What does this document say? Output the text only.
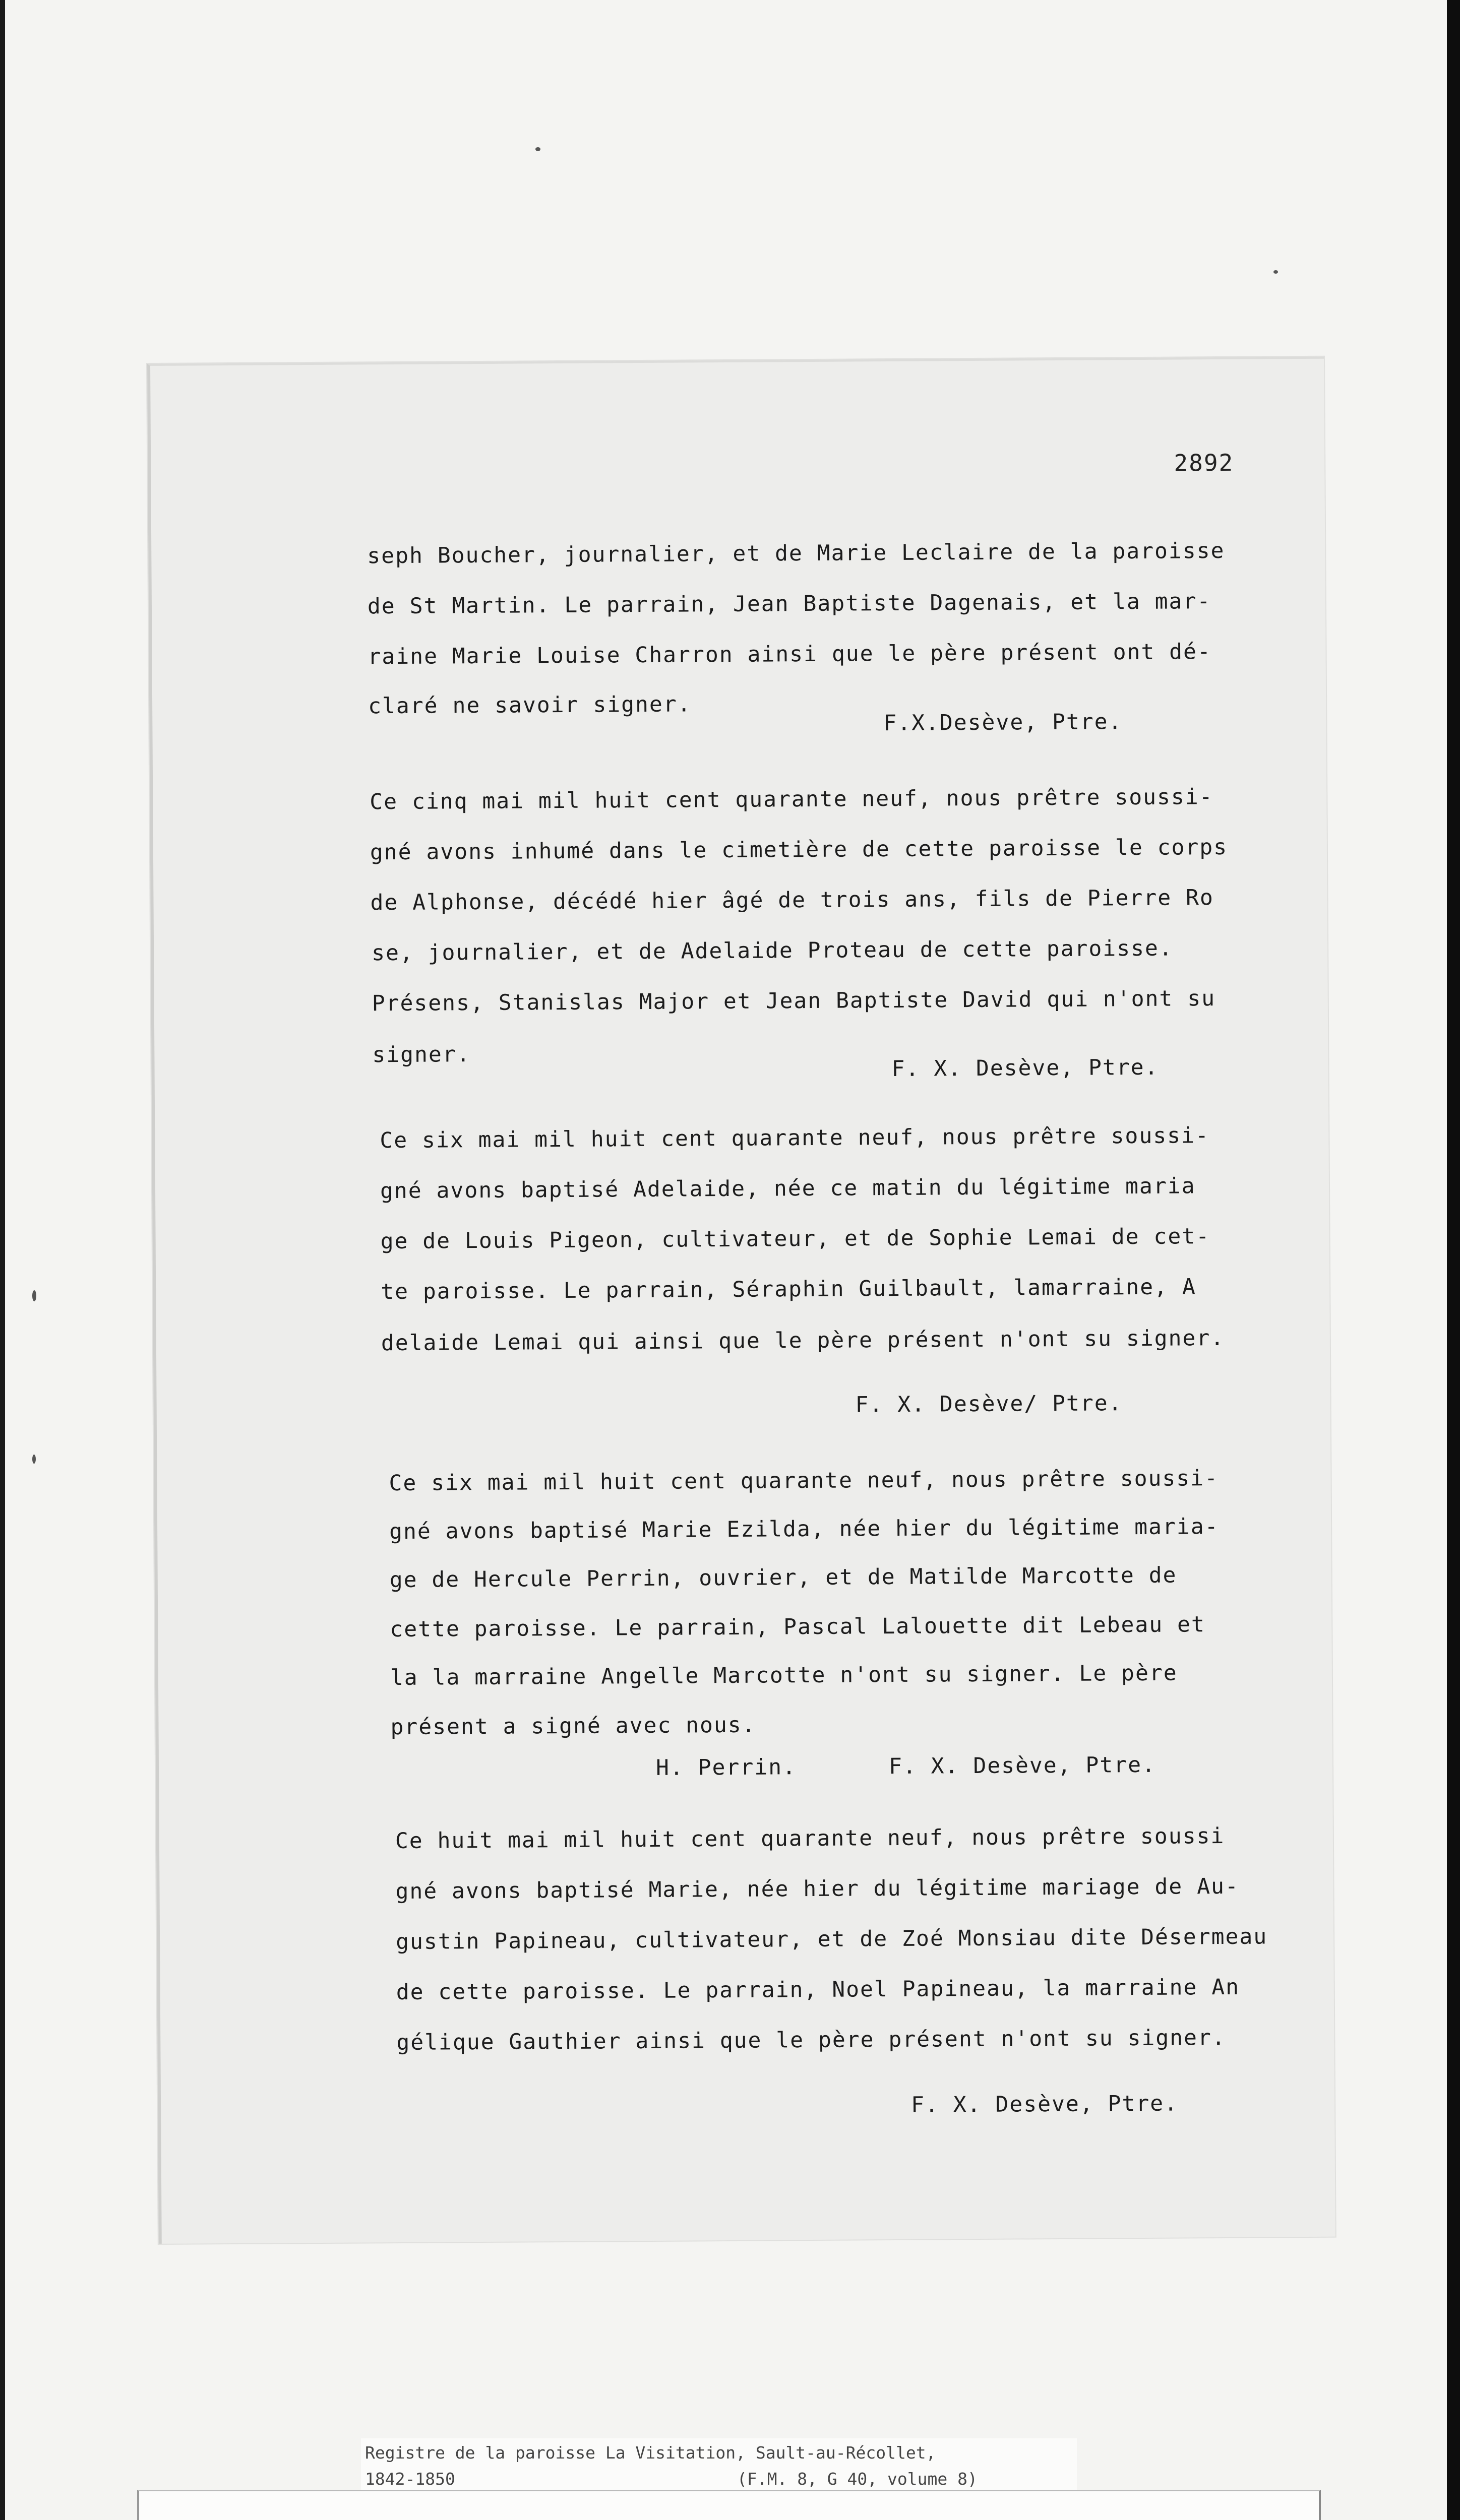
2892
seph Boucher, journalier, et de Marie Leclaire de la paroisse
de St Martin. Le parrain, Jean Baptiste Dagenais, et la mar-
raine Marie Louise Charron ainsi que le père présent ont dé-
claré ne savoir signer.
F.X.Desève, Ptre.
Ce cinq mai mil huit cent quarante neuf, nous prêtre soussi-
gné avons inhumé dans le cimetière de cette paroisse le corps
de Alphonse, décédé hier âgé de trois ans, fils de Pierre Ro
se, journalier, et de Adelaide Proteau de cette paroisse.
Présens, Stanislas Major et Jean Baptiste David qui n'ont su
signer.
F. X. Desève, Ptre.
Ce six mai mil huit cent quarante neuf, nous prêtre soussi-
gné avons baptisé Adelaide, née ce matin du légitime maria
ge de Louis Pigeon, cultivateur, et de Sophie Lemai de cet-
te paroisse. Le parrain, Séraphin Guilbault, lamarraine, A
delaide Lemai qui ainsi que le père présent n'ont su signer.
F. X. Desève/ Ptre.
Ce six mai mil huit cent quarante neuf, nous prêtre soussi-
gné avons baptisé Marie Ezilda, née hier du légitime maria-
ge de Hercule Perrin, ouvrier, et de Matilde Marcotte de
cette paroisse. Le parrain, Pascal Lalouette dit Lebeau et
la la marraine Angelle Marcotte n'ont su signer. Le père
présent a signé avec nous.
H. Perrin.	F. X. Desève, Ptre.
Ce huit mai mil huit cent quarante neuf, nous prêtre soussi
gné avons baptisé Marie, née hier du légitime mariage de Au-
gustin Papineau, cultivateur, et de Zoé Monsiau dite Désermeau
de cette paroisse. Le parrain, Noel Papineau, la marraine An
gélique Gauthier ainsi que le père présent n'ont su signer.
F. X. Desève, Ptre.
Registre de la paroisse La Visitation, Sault-au-Récollet,
1842-1850	(F.M. 8, G 40, volume 8)
